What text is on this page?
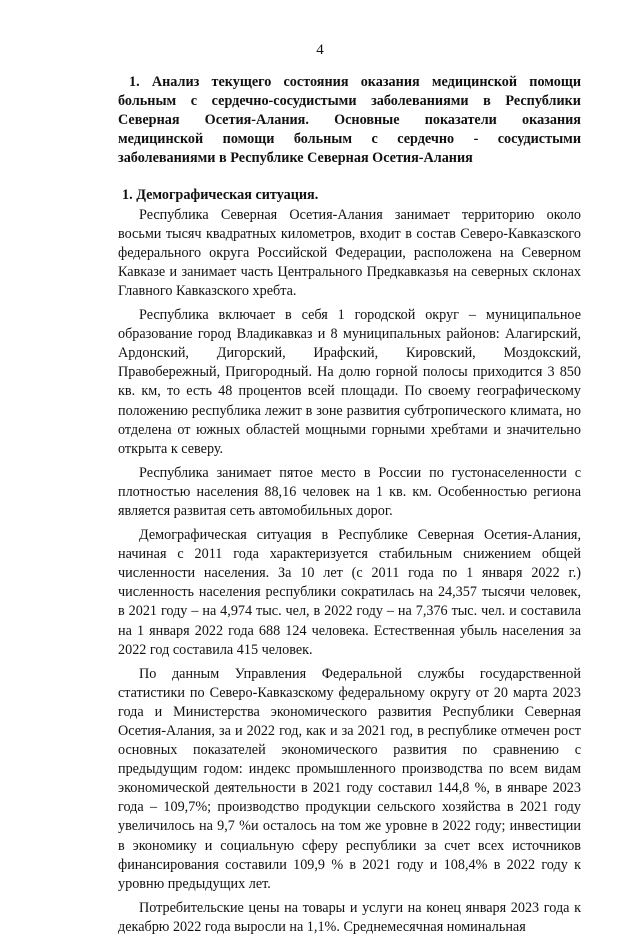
4

1. Анализ текущего состояния оказания медицинской помощи больным с сердечно-сосудистыми заболеваниями в Республики Северная Осетия-Алания. Основные показатели оказания медицинской помощи больным с сердечно - сосудистыми заболеваниями в Республике Северная Осетия-Алания

1. Демографическая ситуация.

Республика Северная Осетия-Алания занимает территорию около восьми тысяч квадратных километров, входит в состав Северо-Кавказского федерального округа Российской Федерации, расположена на Северном Кавказе и занимает часть Центрального Предкавказья на северных склонах Главного Кавказского хребта.

Республика включает в себя 1 городской округ – муниципальное образование город Владикавказ и 8 муниципальных районов: Алагирский, Ардонский, Дигорский, Ирафский, Кировский, Моздокский, Правобережный, Пригородный. На долю горной полосы приходится 3 850 кв. км, то есть 48 процентов всей площади. По своему географическому положению республика лежит в зоне развития субтропического климата, но отделена от южных областей мощными горными хребтами и значительно открыта к северу.

Республика занимает пятое место в России по густонаселенности с плотностью населения 88,16 человек на 1 кв. км. Особенностью региона является развитая сеть автомобильных дорог.

Демографическая ситуация в Республике Северная Осетия-Алания, начиная с 2011 года характеризуется стабильным снижением общей численности населения. За 10 лет (с 2011 года по 1 января 2022 г.) численность населения республики сократилась на 24,357 тысячи человек, в 2021 году – на 4,974 тыс. чел, в 2022 году – на 7,376 тыс. чел. и составила на 1 января 2022 года 688 124 человека. Естественная убыль населения за 2022 год составила 415 человек.

По данным Управления Федеральной службы государственной статистики по Северо-Кавказскому федеральному округу от 20 марта 2023 года и Министерства экономического развития Республики Северная Осетия-Алания, за и 2022 год, как и за 2021 год, в республике отмечен рост основных показателей экономического развития по сравнению с предыдущим годом: индекс промышленного производства по всем видам экономической деятельности в 2021 году составил 144,8 %, в январе 2023 года – 109,7%; производство продукции сельского хозяйства в 2021 году увеличилось на 9,7 %и осталось на том же уровне в 2022 году; инвестиции в экономику и социальную сферу республики за счет всех источников финансирования составили 109,9 % в 2021 году и 108,4% в 2022 году к уровню предыдущих лет.

Потребительские цены на товары и услуги на конец января 2023 года к декабрю 2022 года выросли на 1,1%. Среднемесячная номинальная
